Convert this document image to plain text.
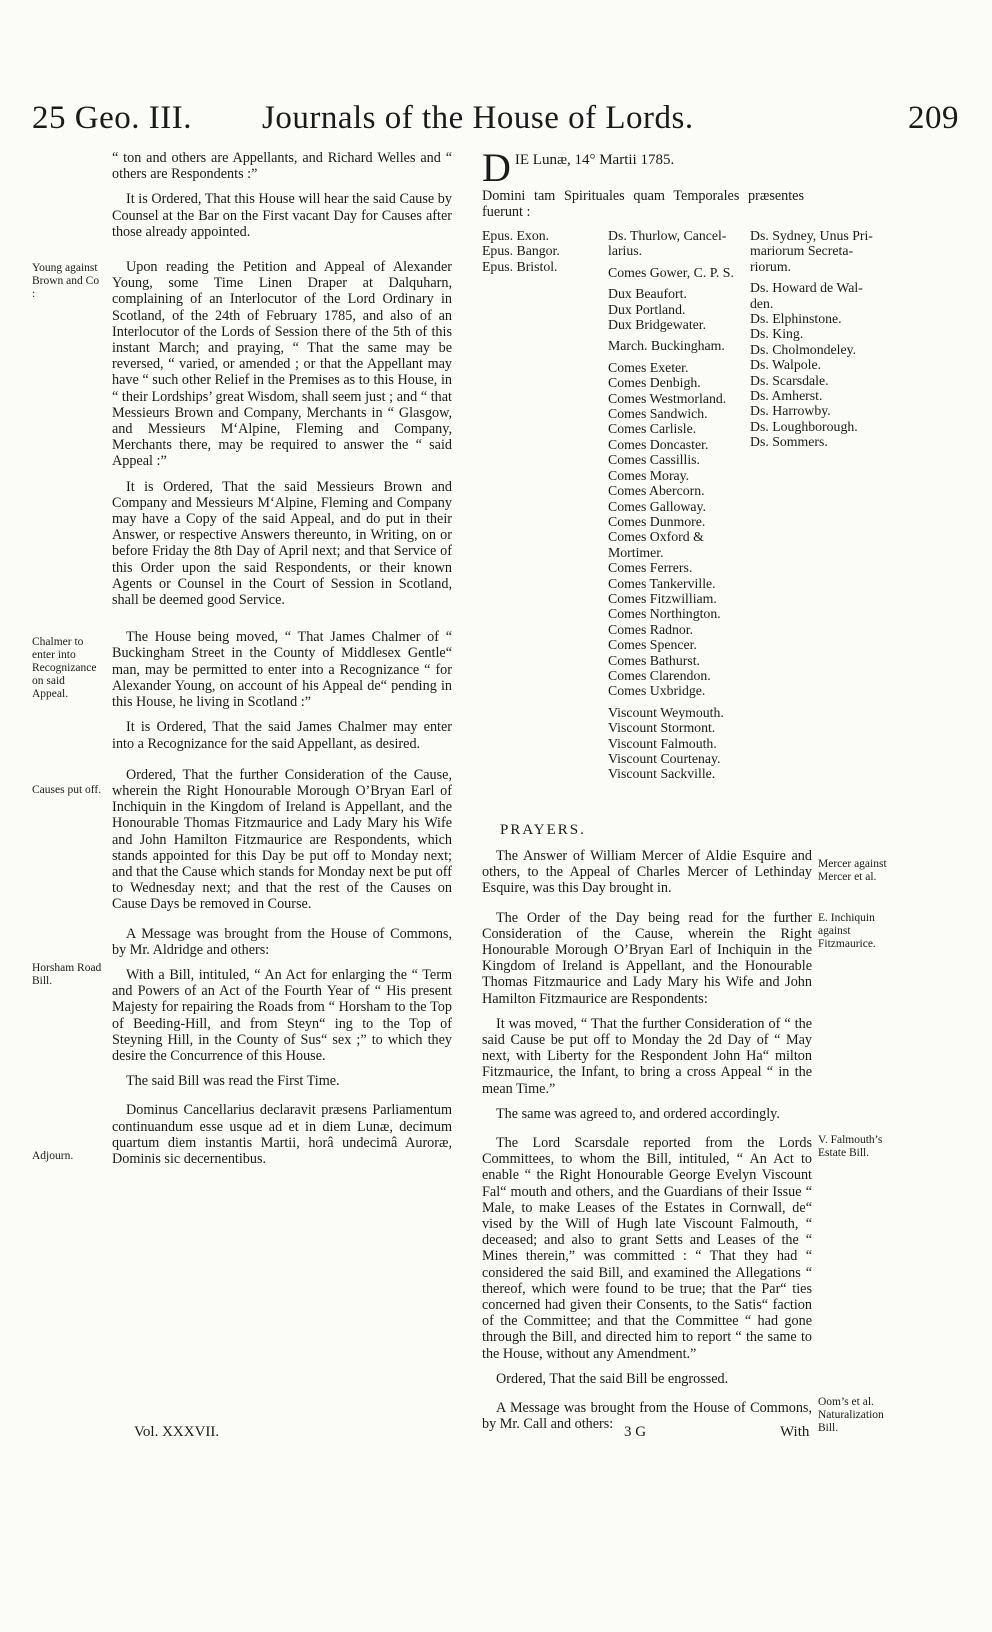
25 Geo. III. Journals of the House of Lords.	209
Young against Brown and Co :
Chalmer to enter into Recognizance on said Appeal.
Causes put off.
Horsham Road Bill.
Adjourn.

“ ton and others are Appellants, and Richard Welles and “ others are Respondents :”

It is Ordered, That this House will hear the said Cause by Counsel at the Bar on the First vacant Day for Causes after those already appointed.

Upon reading the Petition and Appeal of Alexander Young, some Time Linen Draper at Dalquharn, complaining of an Interlocutor of the Lord Ordinary in Scotland, of the 24th of February 1785, and also of an Interlocutor of the Lords of Session there of the 5th of this instant March; and praying, “ That the same may be reversed, “ varied, or amended ; or that the Appellant may have “ such other Relief in the Premises as to this House, in “ their Lordships’ great Wisdom, shall seem just ; and “ that Messieurs Brown and Company, Merchants in “ Glasgow, and Messieurs M‘Alpine, Fleming and Company, Merchants there, may be required to answer the “ said Appeal :”

It is Ordered, That the said Messieurs Brown and Company and Messieurs M‘Alpine, Fleming and Company may have a Copy of the said Appeal, and do put in their Answer, or respective Answers thereunto, in Writing, on or before Friday the 8th Day of April next; and that Service of this Order upon the said Respondents, or their known Agents or Counsel in the Court of Session in Scotland, shall be deemed good Service.

The House being moved, “ That James Chalmer of “ Buckingham Street in the County of Middlesex Gentle“ man, may be permitted to enter into a Recognizance “ for Alexander Young, on account of his Appeal de“ pending in this House, he living in Scotland :”

It is Ordered, That the said James Chalmer may enter into a Recognizance for the said Appellant, as desired.

Ordered, That the further Consideration of the Cause, wherein the Right Honourable Morough O’Bryan Earl of Inchiquin in the Kingdom of Ireland is Appellant, and the Honourable Thomas Fitzmaurice and Lady Mary his Wife and John Hamilton Fitzmaurice are Respondents, which stands appointed for this Day be put off to Monday next; and that the Cause which stands for Monday next be put off to Wednesday next; and that the rest of the Causes on Cause Days be removed in Course.

A Message was brought from the House of Commons, by Mr. Aldridge and others:

With a Bill, intituled, “ An Act for enlarging the “ Term and Powers of an Act of the Fourth Year of “ His present Majesty for repairing the Roads from “ Horsham to the Top of Beeding-Hill, and from Steyn“ ing to the Top of Steyning Hill, in the County of Sus“ sex ;” to which they desire the Concurrence of this House.

The said Bill was read the First Time.

Dominus Cancellarius declaravit præsens Parliamentum continuandum esse usque ad et in diem Lunæ, decimum quartum diem instantis Martii, horâ undecimâ Auroræ, Dominis sic decernentibus.

D IE Lunæ, 14° Martii 1785.
Domini tam Spirituales quam Temporales præsentes fuerunt :
Epus. Exon.
Epus. Bangor.
Epus. Bristol.
Ds. Thurlow, Cancel-
larius.
Comes Gower, C. P. S.
Dux Beaufort.
Dux Portland.
Dux Bridgewater.
March. Buckingham.
Comes Exeter.
Comes Denbigh.
Comes Westmorland.
Comes Sandwich.
Comes Carlisle.
Comes Doncaster.
Comes Cassillis.
Comes Moray.
Comes Abercorn.
Comes Galloway.
Comes Dunmore.
Comes Oxford &
Mortimer.
Comes Ferrers.
Comes Tankerville.
Comes Fitzwilliam.
Comes Northington.
Comes Radnor.
Comes Spencer.
Comes Bathurst.
Comes Clarendon.
Comes Uxbridge.
Viscount Weymouth.
Viscount Stormont.
Viscount Falmouth.
Viscount Courtenay.
Viscount Sackville.
Ds. Sydney, Unus Pri-
mariorum Secreta-
riorum.
Ds. Howard de Wal-
den.
Ds. Elphinstone.
Ds. King.
Ds. Cholmondeley.
Ds. Walpole.
Ds. Scarsdale.
Ds. Amherst.
Ds. Harrowby.
Ds. Loughborough.
Ds. Sommers.
PRAYERS.
Mercer against Mercer et al.
E. Inchiquin against Fitzmaurice.
V. Falmouth’s Estate Bill.
Oom’s et al. Naturalization Bill.

The Answer of William Mercer of Aldie Esquire and others, to the Appeal of Charles Mercer of Lethinday Esquire, was this Day brought in.

The Order of the Day being read for the further Consideration of the Cause, wherein the Right Honourable Morough O’Bryan Earl of Inchiquin in the Kingdom of Ireland is Appellant, and the Honourable Thomas Fitzmaurice and Lady Mary his Wife and John Hamilton Fitzmaurice are Respondents:

It was moved, “ That the further Consideration of “ the said Cause be put off to Monday the 2d Day of “ May next, with Liberty for the Respondent John Ha“ milton Fitzmaurice, the Infant, to bring a cross Appeal “ in the mean Time.”

The same was agreed to, and ordered accordingly.

The Lord Scarsdale reported from the Lords Committees, to whom the Bill, intituled, “ An Act to enable “ the Right Honourable George Evelyn Viscount Fal“ mouth and others, and the Guardians of their Issue “ Male, to make Leases of the Estates in Cornwall, de“ vised by the Will of Hugh late Viscount Falmouth, “ deceased; and also to grant Setts and Leases of the “ Mines therein,” was committed : “ That they had “ considered the said Bill, and examined the Allegations “ thereof, which were found to be true; that the Par“ ties concerned had given their Consents, to the Satis“ faction of the Committee; and that the Committee “ had gone through the Bill, and directed him to report “ the same to the House, without any Amendment.”

Ordered, That the said Bill be engrossed.

A Message was brought from the House of Commons, by Mr. Call and others:

Vol. XXXVII.	3 G	With
